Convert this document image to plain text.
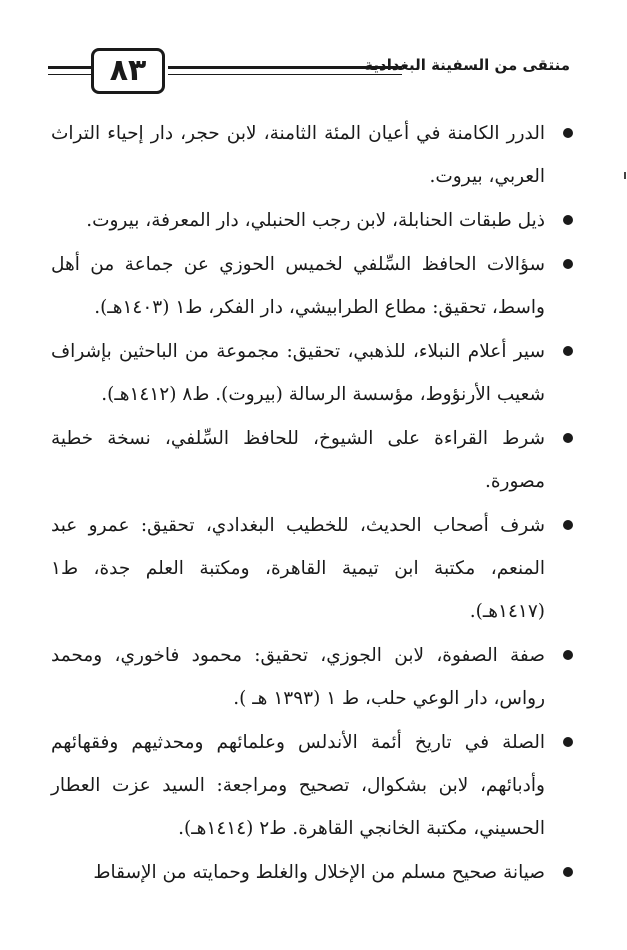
٨٣	منتقى من السفينة البغدادية
الدرر الكامنة في أعيان المئة الثامنة، لابن حجر، دار إحياء التراث العربي، بيروت.
ذيل طبقات الحنابلة، لابن رجب الحنبلي، دار المعرفة، بيروت.
سؤالات الحافظ السِّلفي لخميس الحوزي عن جماعة من أهل واسط، تحقيق: مطاع الطرابيشي، دار الفكر، ط١ (١٤٠٣هـ).
سير أعلام النبلاء، للذهبي، تحقيق: مجموعة من الباحثين بإشراف شعيب الأرنؤوط، مؤسسة الرسالة (بيروت). ط٨ (١٤١٢هـ).
شرط القراءة على الشيوخ، للحافظ السِّلفي، نسخة خطية مصورة.
شرف أصحاب الحديث، للخطيب البغدادي، تحقيق: عمرو عبد المنعم، مكتبة ابن تيمية القاهرة، ومكتبة العلم جدة، ط١ (١٤١٧هـ).
صفة الصفوة، لابن الجوزي، تحقيق: محمود فاخوري، ومحمد رواس، دار الوعي حلب، ط ١ (١٣٩٣ هـ ).
الصلة في تاريخ أئمة الأندلس وعلمائهم ومحدثيهم وفقهائهم وأدبائهم، لابن بشكوال، تصحيح ومراجعة: السيد عزت العطار الحسيني، مكتبة الخانجي القاهرة. ط٢ (١٤١٤هـ).
صيانة صحيح مسلم من الإخلال والغلط وحمايته من الإسقاط
